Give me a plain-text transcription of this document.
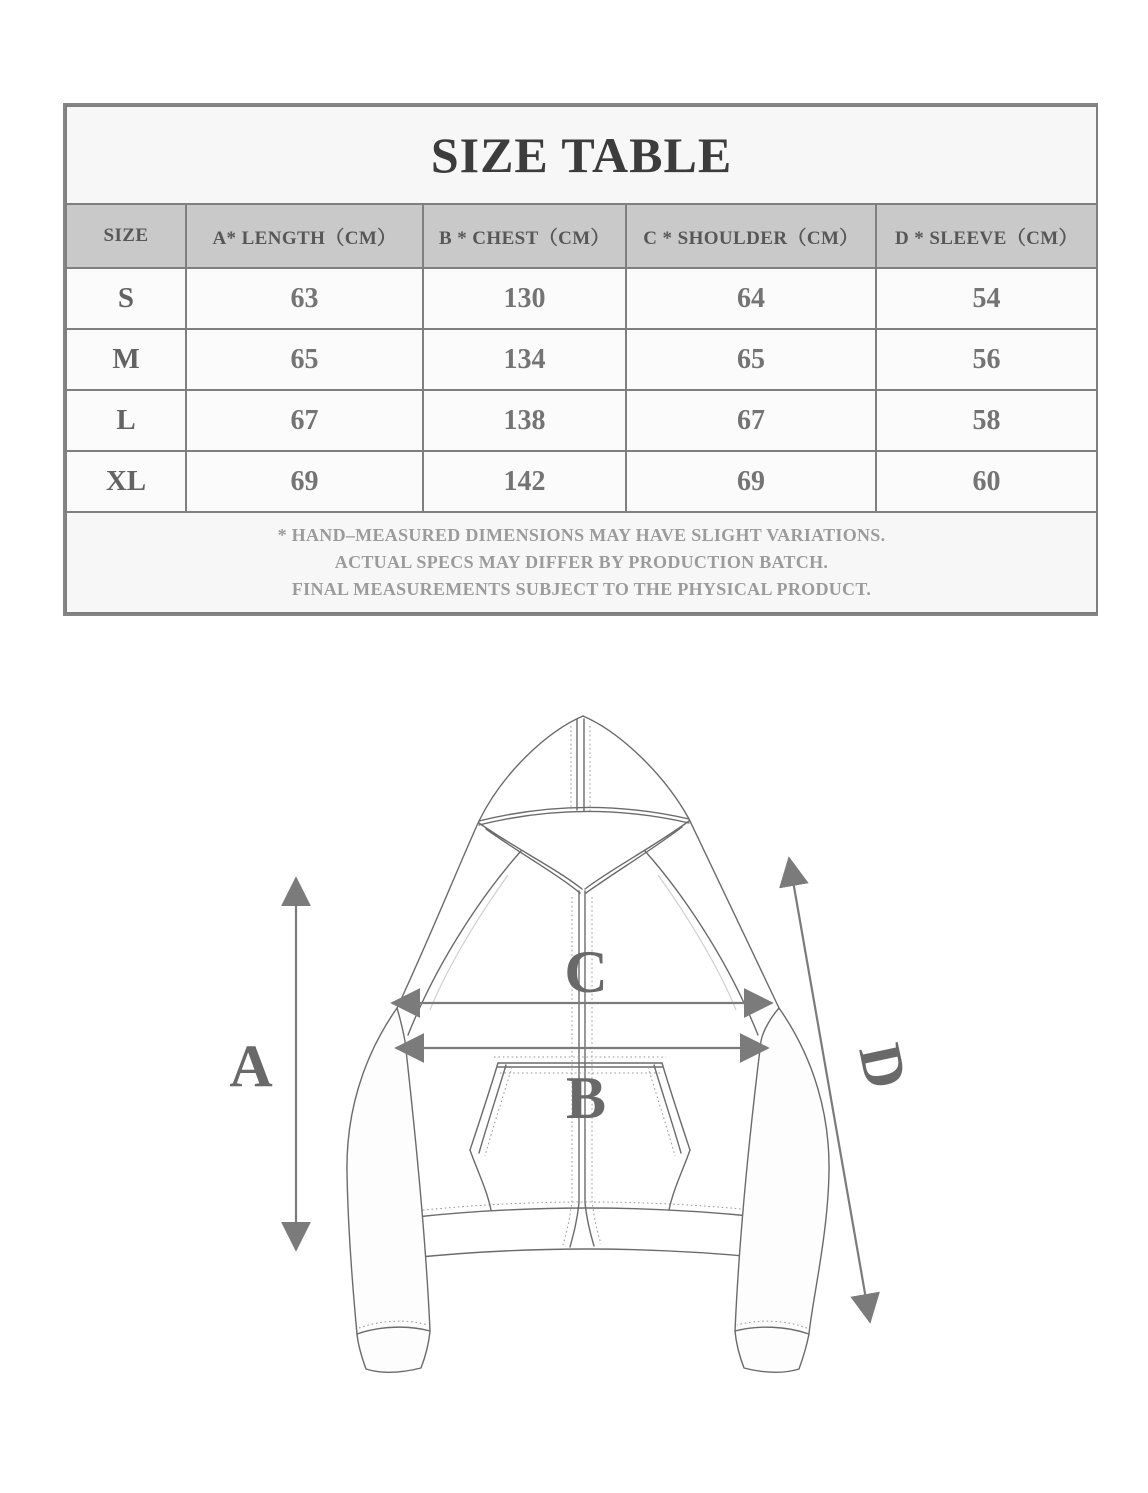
SIZE TABLE				
SIZE	A* LENGTH（CM）	B * CHEST（CM）	C * SHOULDER（CM）	D * SLEEVE（CM）
S	63	130	64	54
M	65	134	65	56
L	67	138	67	58
XL	69	142	69	60

* HAND–MEASURED DIMENSIONS MAY HAVE SLIGHT VARIATIONS.
ACTUAL SPECS MAY DIFFER BY PRODUCTION BATCH.
FINAL MEASUREMENTS SUBJECT TO THE PHYSICAL PRODUCT.				
A
C
B	D
